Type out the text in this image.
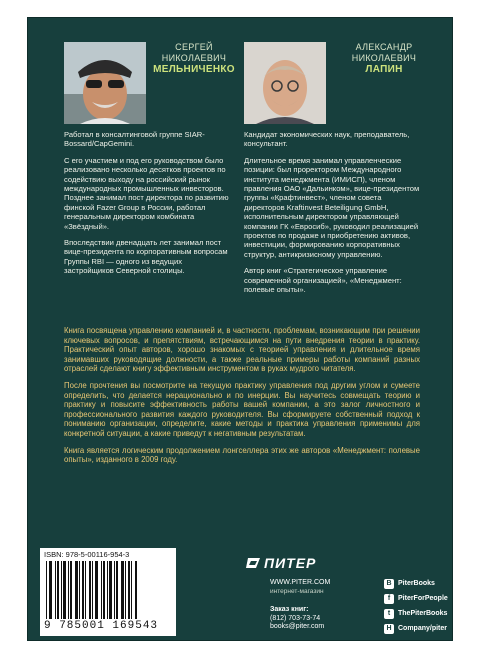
СЕРГЕЙ
НИКОЛАЕВИЧ
МЕЛЬНИЧЕНКО
АЛЕКСАНДР
НИКОЛАЕВИЧ
ЛАПИН

Работал в консалтинговой группе SIAR-Bossard/CapGemini.

С его участием и под его руководством было реализовано несколько десятков проектов по содействию выходу на российский рынок международных промышленных инвесторов. Позднее занимал пост директора по развитию финской Fazer Group в России, работал генеральным директором комбината «Звёздный».

Впоследствии двенадцать лет занимал пост вице-президента по корпоративным вопросам Группы RBI — одного из ведущих застройщиков Северной столицы.

Кандидат экономических наук, преподаватель, консультант.

Длительное время занимал управленческие позиции: был проректором Международного института менеджмента (ИМИСП), членом правления ОАО «Дальинком», вице-президентом группы «Крафтинвест», членом совета директоров Kraftinvest Beteiligung GmbH, исполнительным директором управляющей компании ГК «Евросиб», руководил реализацией проектов по продаже и приобретению активов, инвестиции, формированию корпоративных структур, антикризисному управлению.

Автор книг «Стратегическое управление современной организацией», «Менеджмент: полевые опыты».

Книга посвящена управлению компанией и, в частности, проблемам, возникающим при решении ключевых вопросов, и препятствиям, встречающимся на пути внедрения теории в практику. Практический опыт авторов, хорошо знакомых с теорией управления и длительное время занимавших руководящие должности, а также реальные примеры работы компаний разных отраслей сделают книгу эффективным инструментом в руках мудрого читателя.

После прочтения вы посмотрите на текущую практику управления под другим углом и сумеете определить, что делается нерационально и по инерции. Вы научитесь совмещать теорию и практику и повысите эффективность работы вашей компании, а это залог личностного и профессионального развития каждого руководителя. Вы сформируете собственный подход к пониманию организации, определите, какие методы и практика управления применимы для конкретной ситуации, а какие приведут к негативным результатам.

Книга является логическим продолжением лонгселлера этих же авторов «Менеджмент: полевые опыты», изданного в 2009 году.

ПИТЕР
WWW.PITER.COM
интернет-магазин
Заказ книг:
(812) 703-73-74
books@piter.com
B PiterBooks
f	PiterForPeople
t	ThePiterBooks
H Company/piter
ISBN: 978-5-00116-954-3
9 785001 169543
